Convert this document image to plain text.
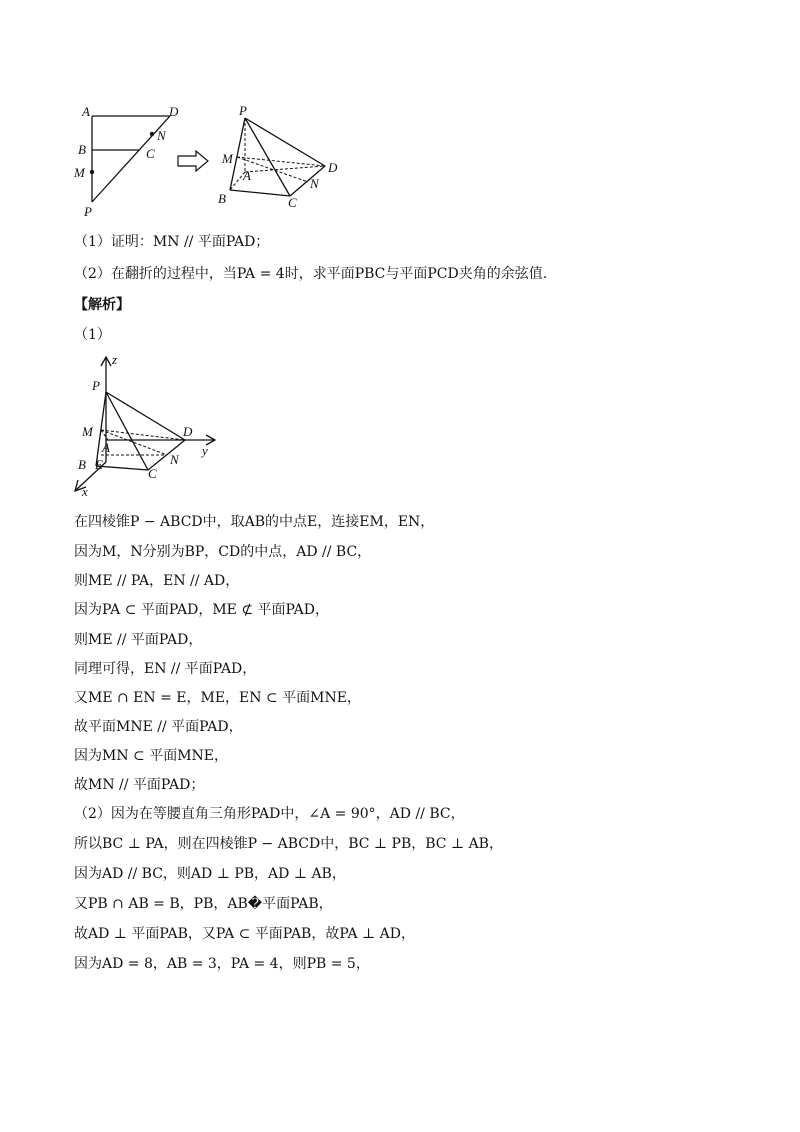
A	D
N
B	C
M
P
P
M
A
D
N
B	C
（1）证明：MN // 平面PAD；
（2）在翻折的过程中，当PA = 4时，求平面PBC与平面PCD夹角的余弦值.
【解析】
（1）
z
P
M
A
D
y
B E	N
C
x
在四棱锥P − ABCD中，取AB的中点E，连接EM，EN，
因为M，N分别为BP，CD的中点，AD // BC，
则ME // PA，EN // AD，
因为PA ⊂ 平面PAD，ME ⊄ 平面PAD，
则ME // 平面PAD，
同理可得，EN // 平面PAD，
又ME ∩ EN = E，ME，EN ⊂ 平面MNE，
故平面MNE // 平面PAD，
因为MN ⊂ 平面MNE，
故MN // 平面PAD；
（2）因为在等腰直角三角形PAD中，∠A = 90°，AD // BC，
所以BC ⊥ PA，则在四棱锥P − ABCD中，BC ⊥ PB，BC ⊥ AB，
因为AD // BC，则AD ⊥ PB，AD ⊥ AB，
又PB ∩ AB = B，PB，AB�平面PAB，
故AD ⊥ 平面PAB，又PA ⊂ 平面PAB，故PA ⊥ AD，
因为AD = 8，AB = 3，PA = 4，则PB = 5，
